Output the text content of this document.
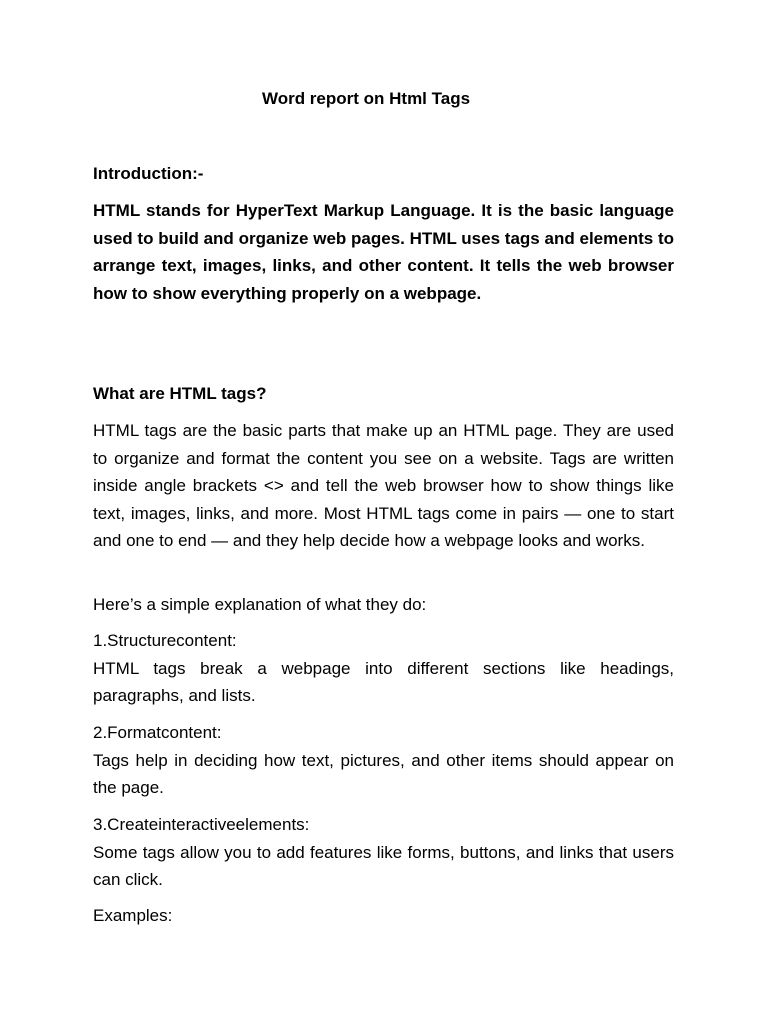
Word report on Html Tags

Introduction:-

HTML stands for HyperText Markup Language. It is the basic language used to build and organize web pages. HTML uses tags and elements to arrange text, images, links, and other content. It tells the web browser how to show everything properly on a webpage.

What are HTML tags?

HTML tags are the basic parts that make up an HTML page. They are used to organize and format the content you see on a website. Tags are written inside angle brackets <> and tell the web browser how to show things like text, images, links, and more. Most HTML tags come in pairs — one to start and one to end — and they help decide how a webpage looks and works.

Here’s a simple explanation of what they do:

1.Structurecontent:
HTML tags break a webpage into different sections like headings, paragraphs, and lists.
2.Formatcontent:
Tags help in deciding how text, pictures, and other items should appear on the page.
3.Createinteractiveelements:
Some tags allow you to add features like forms, buttons, and links that users can click.

Examples:
